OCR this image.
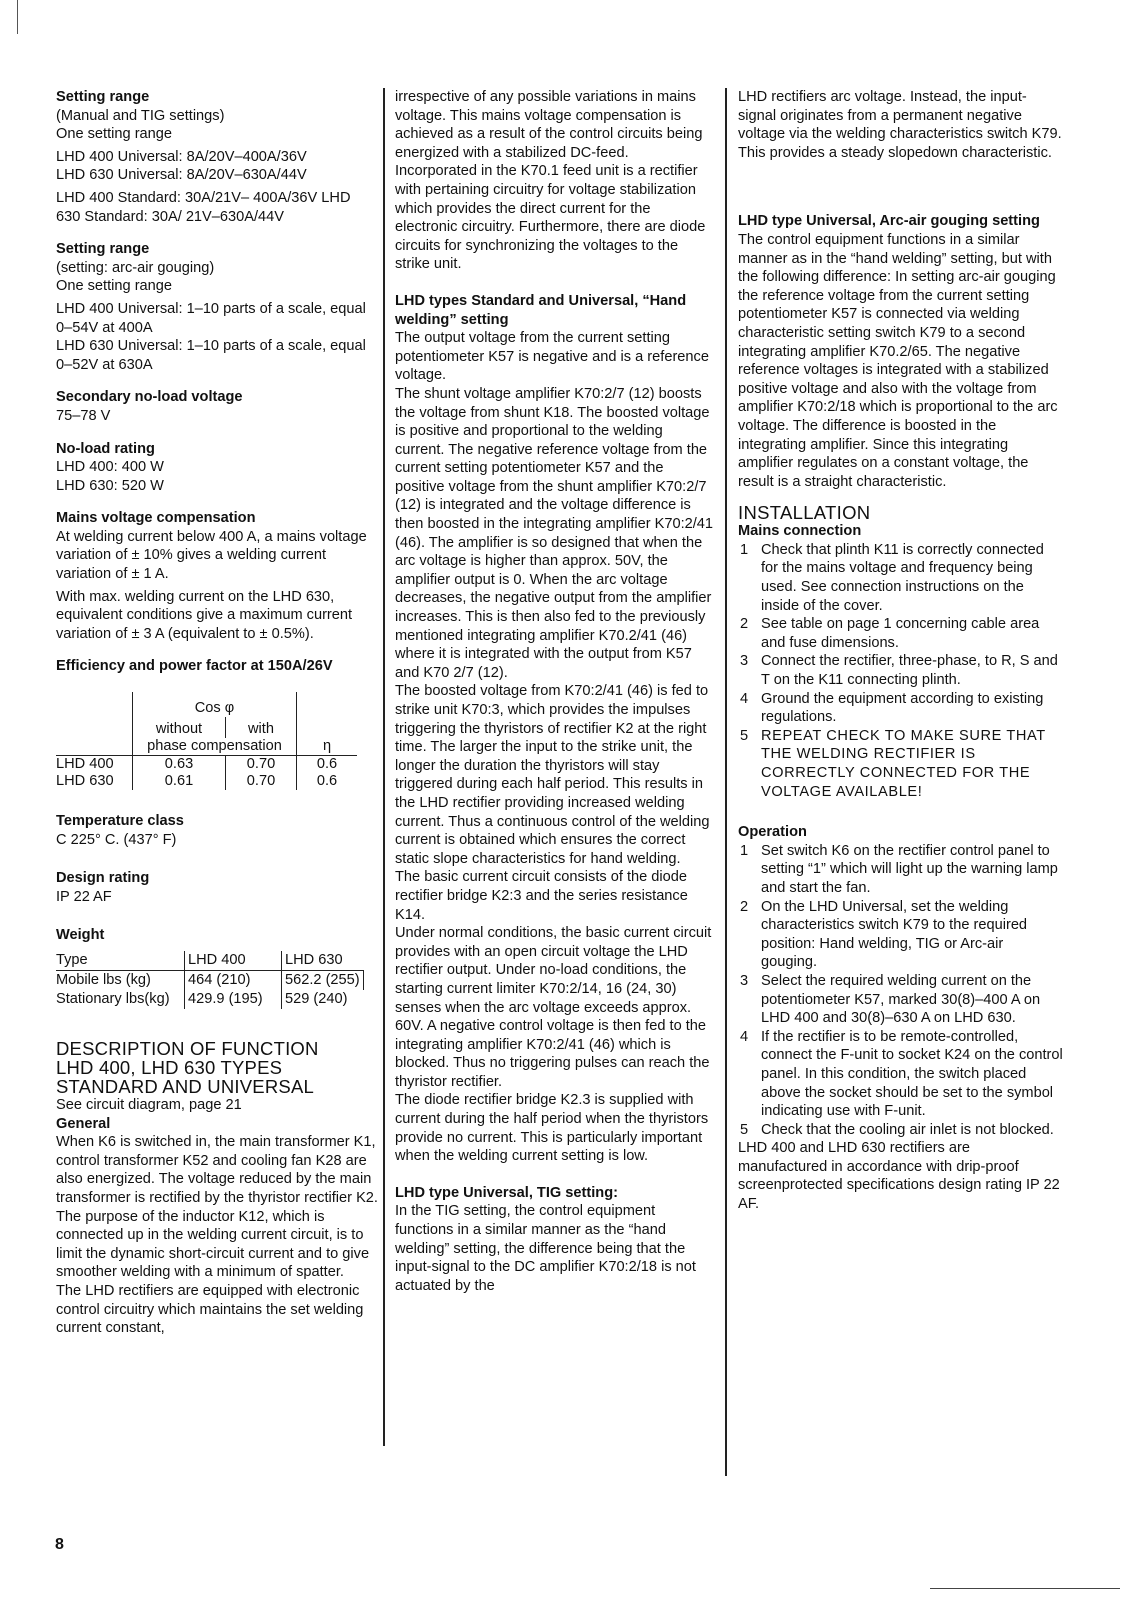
Setting range
(Manual and TIG settings)
One setting range
LHD 400 Universal: 8A/20V–400A/36V
LHD 630 Universal: 8A/20V–630A/44V
LHD 400 Standard: 30A/21V– 400A/36V LHD 630 Standard: 30A/ 21V–630A/44V
Setting range
(setting: arc-air gouging)
One setting range
LHD 400 Universal: 1–10 parts of a scale, equal 0–54V at 400A
LHD 630 Universal: 1–10 parts of a scale, equal 0–52V at 630A
Secondary no-load voltage
75–78 V
No-load rating
LHD 400: 400 W
LHD 630: 520 W
Mains voltage compensation

At welding current below 400 A, a mains voltage variation of ± 10% gives a welding current variation of ± 1 A.

With max. welding current on the LHD 630, equivalent conditions give a maximum current variation of ± 3 A (equivalent to ± 0.5%).

Efficiency and power factor at 150A/26V
	Cos φ		η
	without	with	
	phase compensation		
LHD 400	0.63	0.70	0.6
LHD 630	0.61	0.70	0.6
Temperature class
C 225° C. (437° F)
Design rating
IP 22 AF
Weight
Type	LHD 400	LHD 630
Mobile lbs (kg)	464 (210)	562.2 (255)
Stationary lbs(kg)	429.9 (195)	529 (240)
DESCRIPTION OF FUNCTION
LHD 400, LHD 630 TYPES
STANDARD AND UNIVERSAL
See circuit diagram, page 21
General

When K6 is switched in, the main transformer K1, control transformer K52 and cooling fan K28 are also energized. The voltage reduced by the main transformer is rectified by the thyristor rectifier K2. The purpose of the inductor K12, which is connected up in the welding current circuit, is to limit the dynamic short-circuit current and to give smoother welding with a minimum of spatter.

The LHD rectifiers are equipped with electronic control circuitry which maintains the set welding current constant,

irrespective of any possible variations in mains voltage. This mains voltage compensation is achieved as a result of the control circuits being energized with a stabilized DC-feed.

Incorporated in the K70.1 feed unit is a rectifier with pertaining circuitry for voltage stabilization which provides the direct current for the electronic circuitry. Furthermore, there are diode circuits for synchronizing the voltages to the strike unit.

LHD types Standard and Universal, “Hand welding” setting

The output voltage from the current setting potentiometer K57 is negative and is a reference voltage.

The shunt voltage amplifier K70:2/7 (12) boosts the voltage from shunt K18. The boosted voltage is positive and proportional to the welding current. The negative reference voltage from the current setting potentiometer K57 and the positive voltage from the shunt amplifier K70:2/7 (12) is integrated and the voltage difference is then boosted in the integrating amplifier K70:2/41 (46). The amplifier is so designed that when the arc voltage is higher than approx. 50V, the amplifier output is 0. When the arc voltage decreases, the negative output from the amplifier increases. This is then also fed to the previously mentioned integrating amplifier K70.2/41 (46) where it is integrated with the output from K57 and K70 2/7 (12).

The boosted voltage from K70:2/41 (46) is fed to strike unit K70:3, which provides the impulses triggering the thyristors of rectifier K2 at the right time. The larger the input to the strike unit, the longer the duration the thyristors will stay triggered during each half period. This results in the LHD rectifier providing increased welding current. Thus a continuous control of the welding current is obtained which ensures the correct static slope characteristics for hand welding.

The basic current circuit consists of the diode rectifier bridge K2:3 and the series resistance K14.

Under normal conditions, the basic current circuit provides with an open circuit voltage the LHD rectifier output. Under no-load conditions, the starting current limiter K70:2/14, 16 (24, 30) senses when the arc voltage exceeds approx. 60V. A negative control voltage is then fed to the integrating amplifier K70:2/41 (46) which is blocked. Thus no triggering pulses can reach the thyristor rectifier.

The diode rectifier bridge K2.3 is supplied with current during the half period when the thyristors provide no current. This is particularly important when the welding current setting is low.

LHD type Universal, TIG setting:

In the TIG setting, the control equipment functions in a similar manner as the “hand welding” setting, the difference being that the input-signal to the DC amplifier K70:2/18 is not actuated by the

LHD rectifiers arc voltage. Instead, the input-signal originates from a permanent negative voltage via the welding characteristics switch K79. This provides a steady slopedown characteristic.

LHD type Universal, Arc-air gouging setting

The control equipment functions in a similar manner as in the “hand welding” setting, but with the following difference: In setting arc-air gouging the reference voltage from the current setting potentiometer K57 is connected via welding characteristic setting switch K79 to a second integrating amplifier K70.2/65. The negative reference voltages is integrated with a stabilized positive voltage and also with the voltage from amplifier K70:2/18 which is proportional to the arc voltage. The difference is boosted in the integrating amplifier. Since this integrating amplifier regulates on a constant voltage, the result is a straight characteristic.

INSTALLATION
Mains connection
1 Check that plinth K11 is correctly connected for the mains voltage and frequency being used. See connection instructions on the inside of the cover.
2 See table on page 1 concerning cable area and fuse dimensions.
3 Connect the rectifier, three-phase, to R, S and T on the K11 connecting plinth.
4 Ground the equipment according to existing regulations.
5 REPEAT CHECK TO MAKE SURE THAT THE WELDING RECTIFIER IS CORRECTLY CONNECTED FOR THE VOLTAGE AVAILABLE!
Operation
1 Set switch K6 on the rectifier control panel to setting “1” which will light up the warning lamp and start the fan.
2 On the LHD Universal, set the welding characteristics switch K79 to the required position: Hand welding, TIG or Arc-air gouging.
3 Select the required welding current on the potentiometer K57, marked 30(8)–400 A on LHD 400 and 30(8)–630 A on LHD 630.
4 If the rectifier is to be remote-controlled, connect the F-unit to socket K24 on the control panel. In this condition, the switch placed above the socket should be set to the symbol indicating use with F-unit.
5 Check that the cooling air inlet is not blocked.

LHD 400 and LHD 630 rectifiers are manufactured in accordance with drip-proof screenprotected specifications design rating IP 22 AF.

8
